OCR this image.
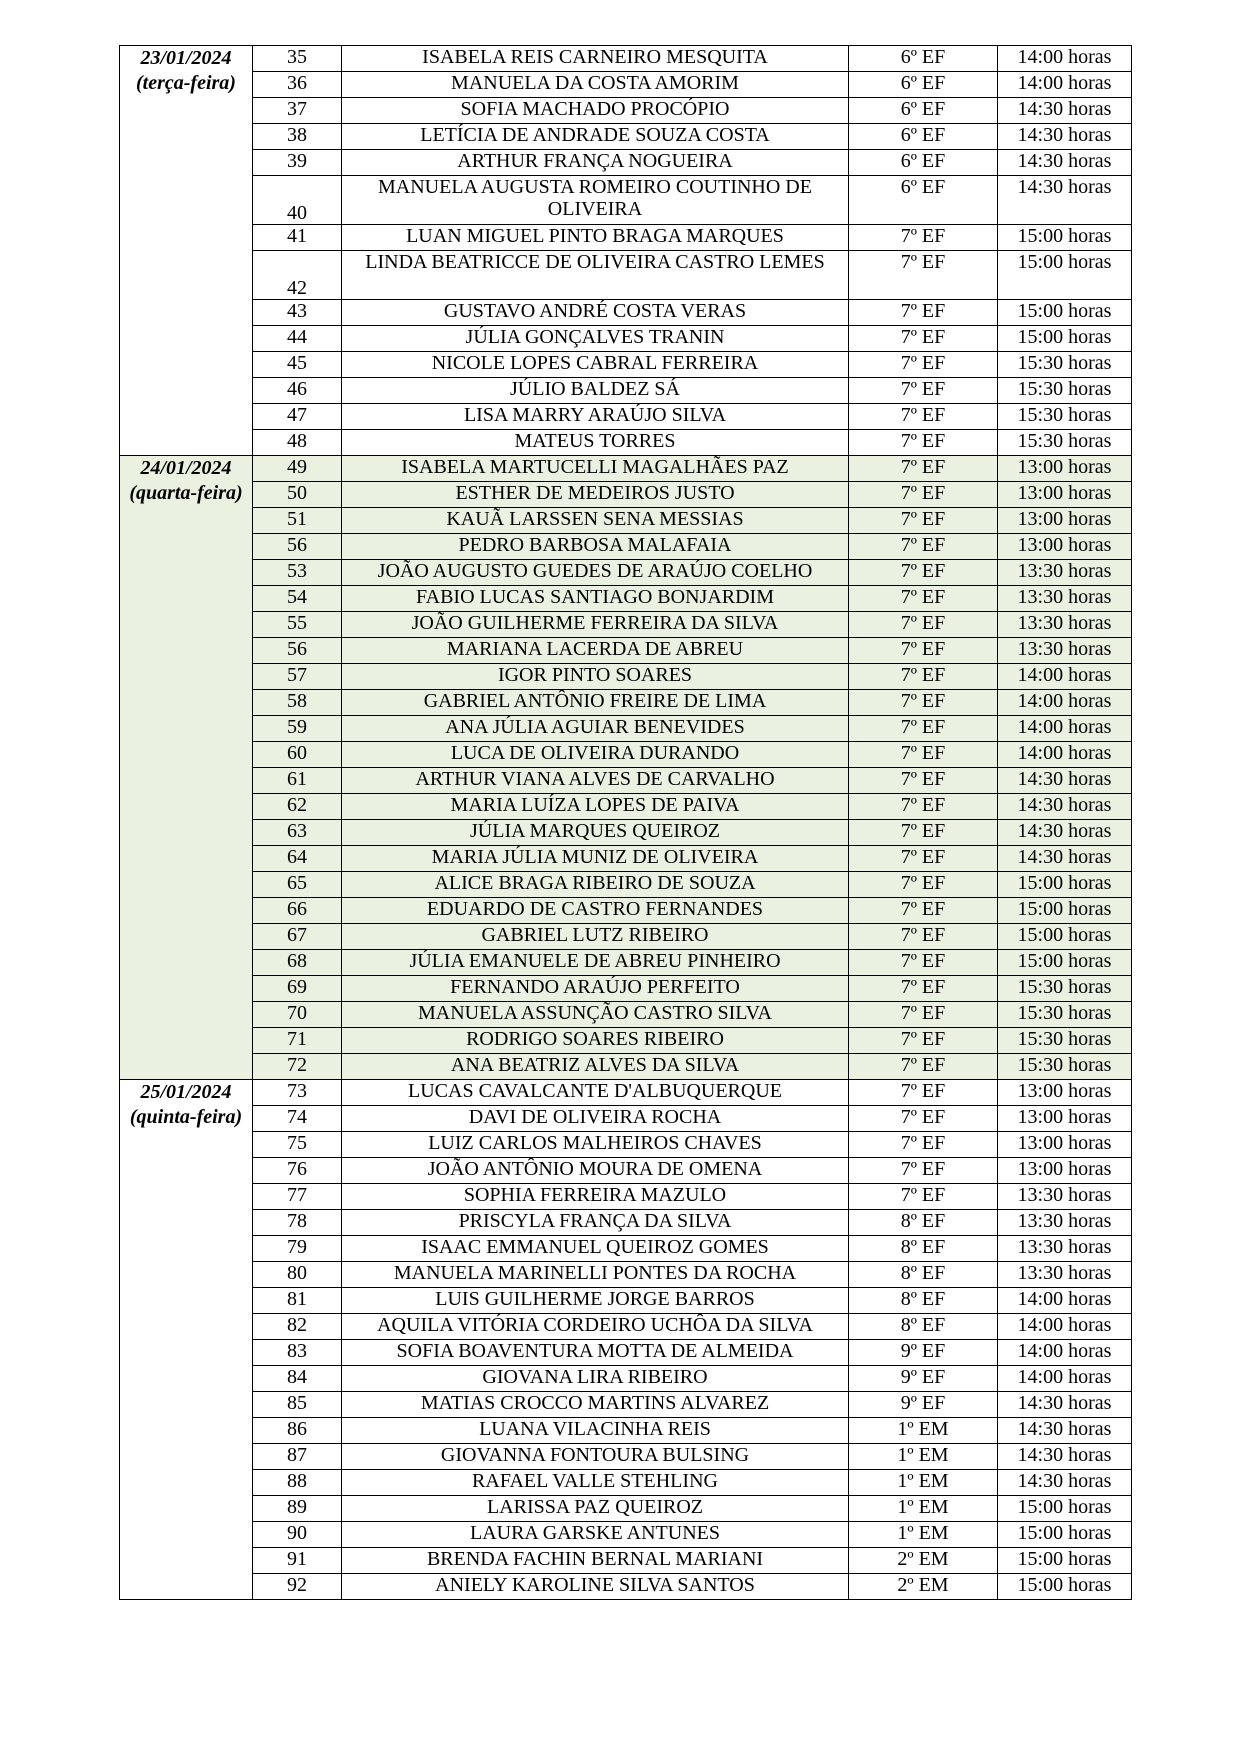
23/01/2024
(terça-feira)	35	ISABELA REIS CARNEIRO MESQUITA	6º EF	14:00 horas
	36	MANUELA DA COSTA AMORIM	6º EF	14:00 horas
	37	SOFIA MACHADO PROCÓPIO	6º EF	14:30 horas
	38	LETÍCIA DE ANDRADE SOUZA COSTA	6º EF	14:30 horas
	39	ARTHUR FRANÇA NOGUEIRA	6º EF	14:30 horas
	40	MANUELA AUGUSTA ROMEIRO COUTINHO DE OLIVEIRA	6º EF	14:30 horas
	41	LUAN MIGUEL PINTO BRAGA MARQUES	7º EF	15:00 horas
	42	LINDA BEATRICCE DE OLIVEIRA CASTRO LEMES	7º EF	15:00 horas
	43	GUSTAVO ANDRÉ COSTA VERAS	7º EF	15:00 horas
	44	JÚLIA GONÇALVES TRANIN	7º EF	15:00 horas
	45	NICOLE LOPES CABRAL FERREIRA	7º EF	15:30 horas
	46	JÚLIO BALDEZ SÁ	7º EF	15:30 horas
	47	LISA MARRY ARAÚJO SILVA	7º EF	15:30 horas
	48	MATEUS TORRES	7º EF	15:30 horas

24/01/2024
(quarta-feira)	49	ISABELA MARTUCELLI MAGALHÃES PAZ	7º EF	13:00 horas
	50	ESTHER DE MEDEIROS JUSTO	7º EF	13:00 horas
	51	KAUÃ LARSSEN SENA MESSIAS	7º EF	13:00 horas
	56	PEDRO BARBOSA MALAFAIA	7º EF	13:00 horas
	53	JOÃO AUGUSTO GUEDES DE ARAÚJO COELHO	7º EF	13:30 horas
	54	FABIO LUCAS SANTIAGO BONJARDIM	7º EF	13:30 horas
	55	JOÃO GUILHERME FERREIRA DA SILVA	7º EF	13:30 horas
	56	MARIANA LACERDA DE ABREU	7º EF	13:30 horas
	57	IGOR PINTO SOARES	7º EF	14:00 horas
	58	GABRIEL ANTÔNIO FREIRE DE LIMA	7º EF	14:00 horas
	59	ANA JÚLIA AGUIAR BENEVIDES	7º EF	14:00 horas
	60	LUCA DE OLIVEIRA DURANDO	7º EF	14:00 horas
	61	ARTHUR VIANA ALVES DE CARVALHO	7º EF	14:30 horas
	62	MARIA LUÍZA LOPES DE PAIVA	7º EF	14:30 horas
	63	JÚLIA MARQUES QUEIROZ	7º EF	14:30 horas
	64	MARIA JÚLIA MUNIZ DE OLIVEIRA	7º EF	14:30 horas
	65	ALICE BRAGA RIBEIRO DE SOUZA	7º EF	15:00 horas
	66	EDUARDO DE CASTRO FERNANDES	7º EF	15:00 horas
	67	GABRIEL LUTZ RIBEIRO	7º EF	15:00 horas
	68	JÚLIA EMANUELE DE ABREU PINHEIRO	7º EF	15:00 horas
	69	FERNANDO ARAÚJO PERFEITO	7º EF	15:30 horas
	70	MANUELA ASSUNÇÃO CASTRO SILVA	7º EF	15:30 horas
	71	RODRIGO SOARES RIBEIRO	7º EF	15:30 horas
	72	ANA BEATRIZ ALVES DA SILVA	7º EF	15:30 horas

25/01/2024
(quinta-feira)	73	LUCAS CAVALCANTE D'ALBUQUERQUE	7º EF	13:00 horas
	74	DAVI DE OLIVEIRA ROCHA	7º EF	13:00 horas
	75	LUIZ CARLOS MALHEIROS CHAVES	7º EF	13:00 horas
	76	JOÃO ANTÔNIO MOURA DE OMENA	7º EF	13:00 horas
	77	SOPHIA FERREIRA MAZULO	7º EF	13:30 horas
	78	PRISCYLA FRANÇA DA SILVA	8º EF	13:30 horas
	79	ISAAC EMMANUEL QUEIROZ GOMES	8º EF	13:30 horas
	80	MANUELA MARINELLI PONTES DA ROCHA	8º EF	13:30 horas
	81	LUIS GUILHERME JORGE BARROS	8º EF	14:00 horas
	82	AQUILA VITÓRIA CORDEIRO UCHÔA DA SILVA	8º EF	14:00 horas
	83	SOFIA BOAVENTURA MOTTA DE ALMEIDA	9º EF	14:00 horas
	84	GIOVANA LIRA RIBEIRO	9º EF	14:00 horas
	85	MATIAS CROCCO MARTINS ALVAREZ	9º EF	14:30 horas
	86	LUANA VILACINHA REIS	1º EM	14:30 horas
	87	GIOVANNA FONTOURA BULSING	1º EM	14:30 horas
	88	RAFAEL VALLE STEHLING	1º EM	14:30 horas
	89	LARISSA PAZ QUEIROZ	1º EM	15:00 horas
	90	LAURA GARSKE ANTUNES	1º EM	15:00 horas
	91	BRENDA FACHIN BERNAL MARIANI	2º EM	15:00 horas
	92	ANIELY KAROLINE SILVA SANTOS	2º EM	15:00 horas
